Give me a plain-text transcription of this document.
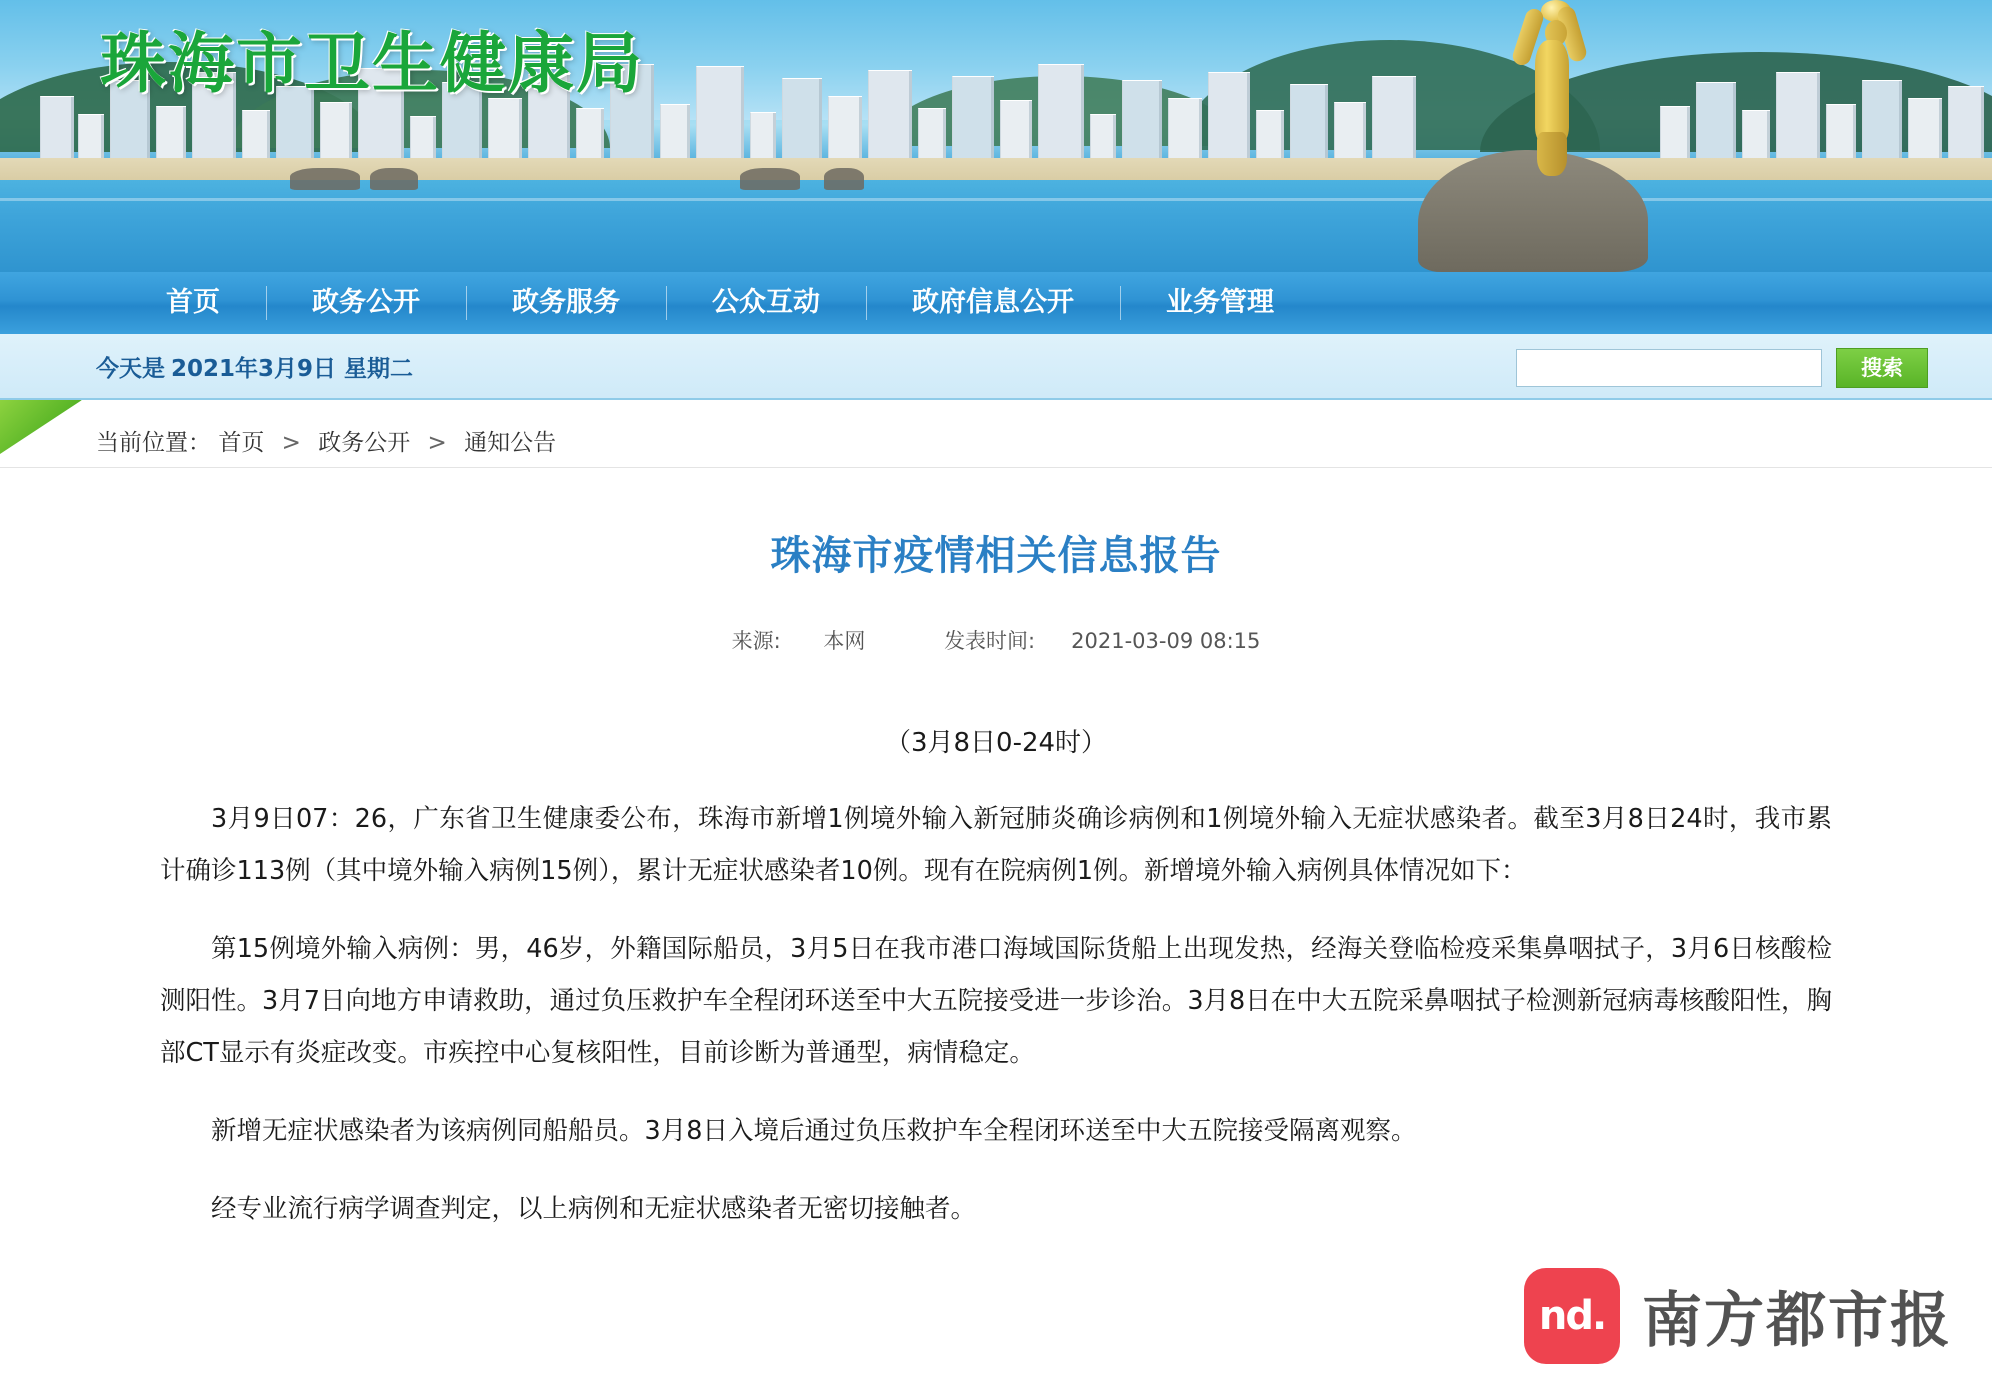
珠海市卫生健康局
首页	政务公开	政务服务	公众互动	政府信息公开	业务管理
今天是 2021年3月9日 星期二	搜索
当前位置： 首页 > 政务公开 > 通知公告
珠海市疫情相关信息报告
来源: 本网	发表时间: 2021-03-09 08:15
（3月8日0-24时）

3月9日07：26，广东省卫生健康委公布，珠海市新增1例境外输入新冠肺炎确诊病例和1例境外输入无症状感染者。截至3月8日24时，我市累计确诊113例（其中境外输入病例15例），累计无症状感染者10例。现有在院病例1例。新增境外输入病例具体情况如下：

第15例境外输入病例：男，46岁，外籍国际船员，3月5日在我市港口海域国际货船上出现发热，经海关登临检疫采集鼻咽拭子，3月6日核酸检测阳性。3月7日向地方申请救助，通过负压救护车全程闭环送至中大五院接受进一步诊治。3月8日在中大五院采鼻咽拭子检测新冠病毒核酸阳性，胸部CT显示有炎症改变。市疾控中心复核阳性，目前诊断为普通型，病情稳定。

新增无症状感染者为该病例同船船员。3月8日入境后通过负压救护车全程闭环送至中大五院接受隔离观察。

经专业流行病学调查判定，以上病例和无症状感染者无密切接触者。

nd. 南方都市报
